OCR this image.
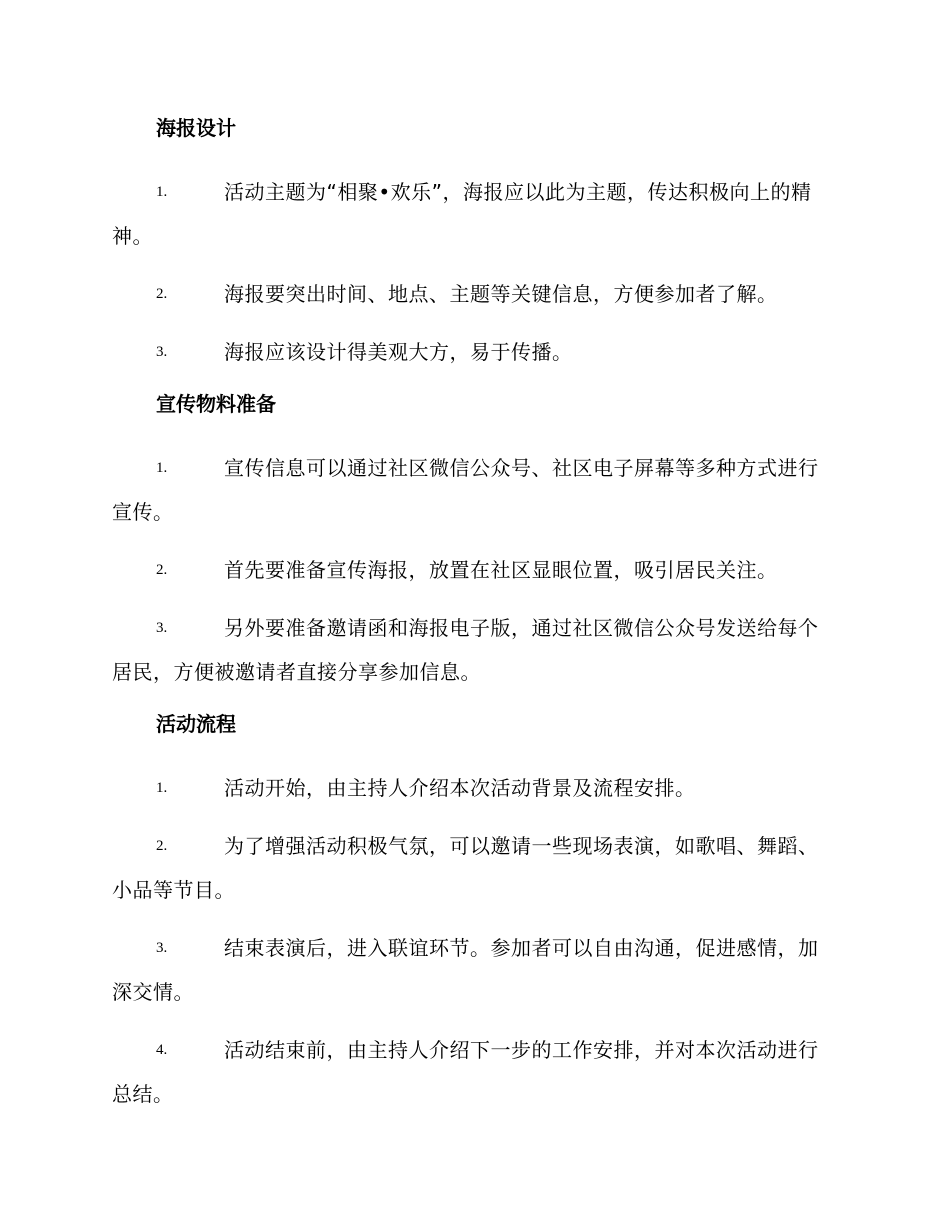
海报设计
1.	活动主题为“相聚•欢乐”，海报应以此为主题，传达积极向上的精神。
2.	海报要突出时间、地点、主题等关键信息，方便参加者了解。
3.	海报应该设计得美观大方，易于传播。
宣传物料准备
1.	宣传信息可以通过社区微信公众号、社区电子屏幕等多种方式进行宣传。
2.	首先要准备宣传海报，放置在社区显眼位置，吸引居民关注。
3.	另外要准备邀请函和海报电子版，通过社区微信公众号发送给每个居民，方便被邀请者直接分享参加信息。
活动流程
1.	活动开始，由主持人介绍本次活动背景及流程安排。
2.	为了增强活动积极气氛，可以邀请一些现场表演，如歌唱、舞蹈、小品等节目。
3.	结束表演后，进入联谊环节。参加者可以自由沟通，促进感情，加深交情。
4.	活动结束前，由主持人介绍下一步的工作安排，并对本次活动进行总结。
